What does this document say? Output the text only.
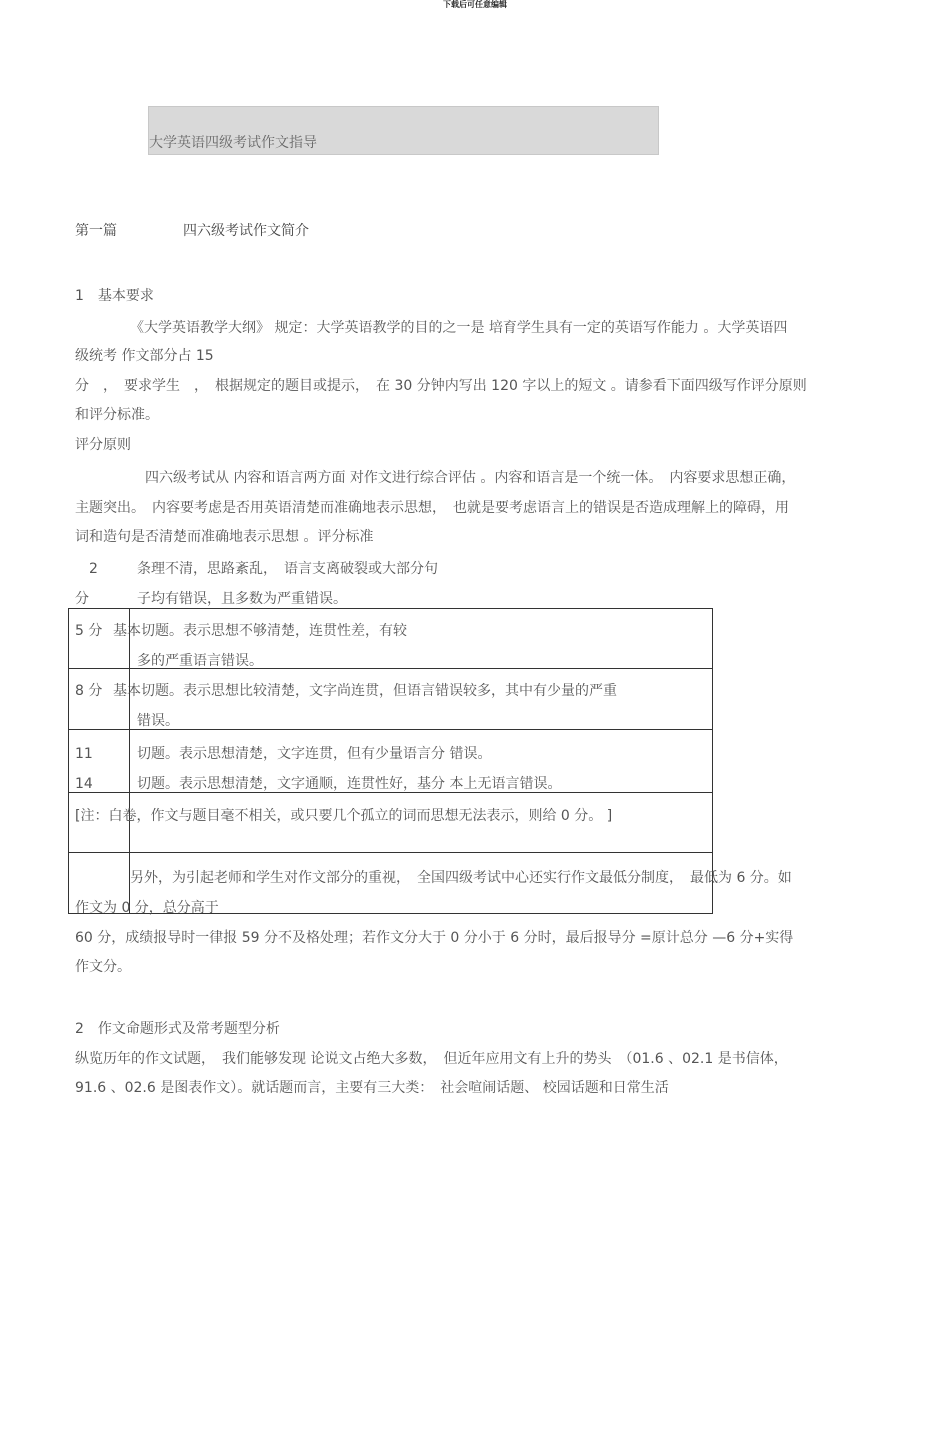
下载后可任意编辑
大学英语四级考试作文指导
第一篇	四六级考试作文简介
1　基本要求
《大学英语教学大纲》 规定：大学英语教学的目的之一是 培育学生具有一定的英语写作能力 。大学英语四
级统考 作文部分占 15
分　，　要求学生　，　根据规定的题目或提示，　在 30 分钟内写出 120 字以上的短文 。请参看下面四级写作评分原则
和评分标准。
评分原则
四六级考试从 内容和语言两方面 对作文进行综合评估 。内容和语言是一个统一体。　内容要求思想正确，
主题突出。　内容要考虑是否用英语清楚而准确地表示思想，　也就是要考虑语言上的错误是否造成理解上的障碍，用
词和造句是否清楚而准确地表示思想 。评分标准
2	条理不清，思路紊乱，　语言支离破裂或大部分句
分	子均有错误，且多数为严重错误。
5 分 基本切题。表示思想不够清楚，连贯性差，有较
多的严重语言错误。
8 分 基本切题。表示思想比较清楚，文字尚连贯，但语言错误较多，其中有少量的严重
错误。
11	切题。表示思想清楚，文字连贯，但有少量语言分 错误。
14	切题。表示思想清楚，文字通顺，连贯性好，基分 本上无语言错误。
[注：白卷，作文与题目毫不相关，或只要几个孤立的词而思想无法表示，则给 0 分。 ]
另外，为引起老师和学生对作文部分的重视，　全国四级考试中心还实行作文最低分制度，　最低为 6 分。如
作文为 0 分，总分高于
60 分，成绩报导时一律报 59 分不及格处理；若作文分大于 0 分小于 6 分时，最后报导分 =原计总分 —6 分+实得
作文分。
2　作文命题形式及常考题型分析
纵览历年的作文试题，　我们能够发现 论说文占绝大多数，　但近年应用文有上升的势头　（01.6 、02.1 是书信体，
91.6 、02.6 是图表作文）。就话题而言，主要有三大类：　社会喧闹话题、 校园话题和日常生活
